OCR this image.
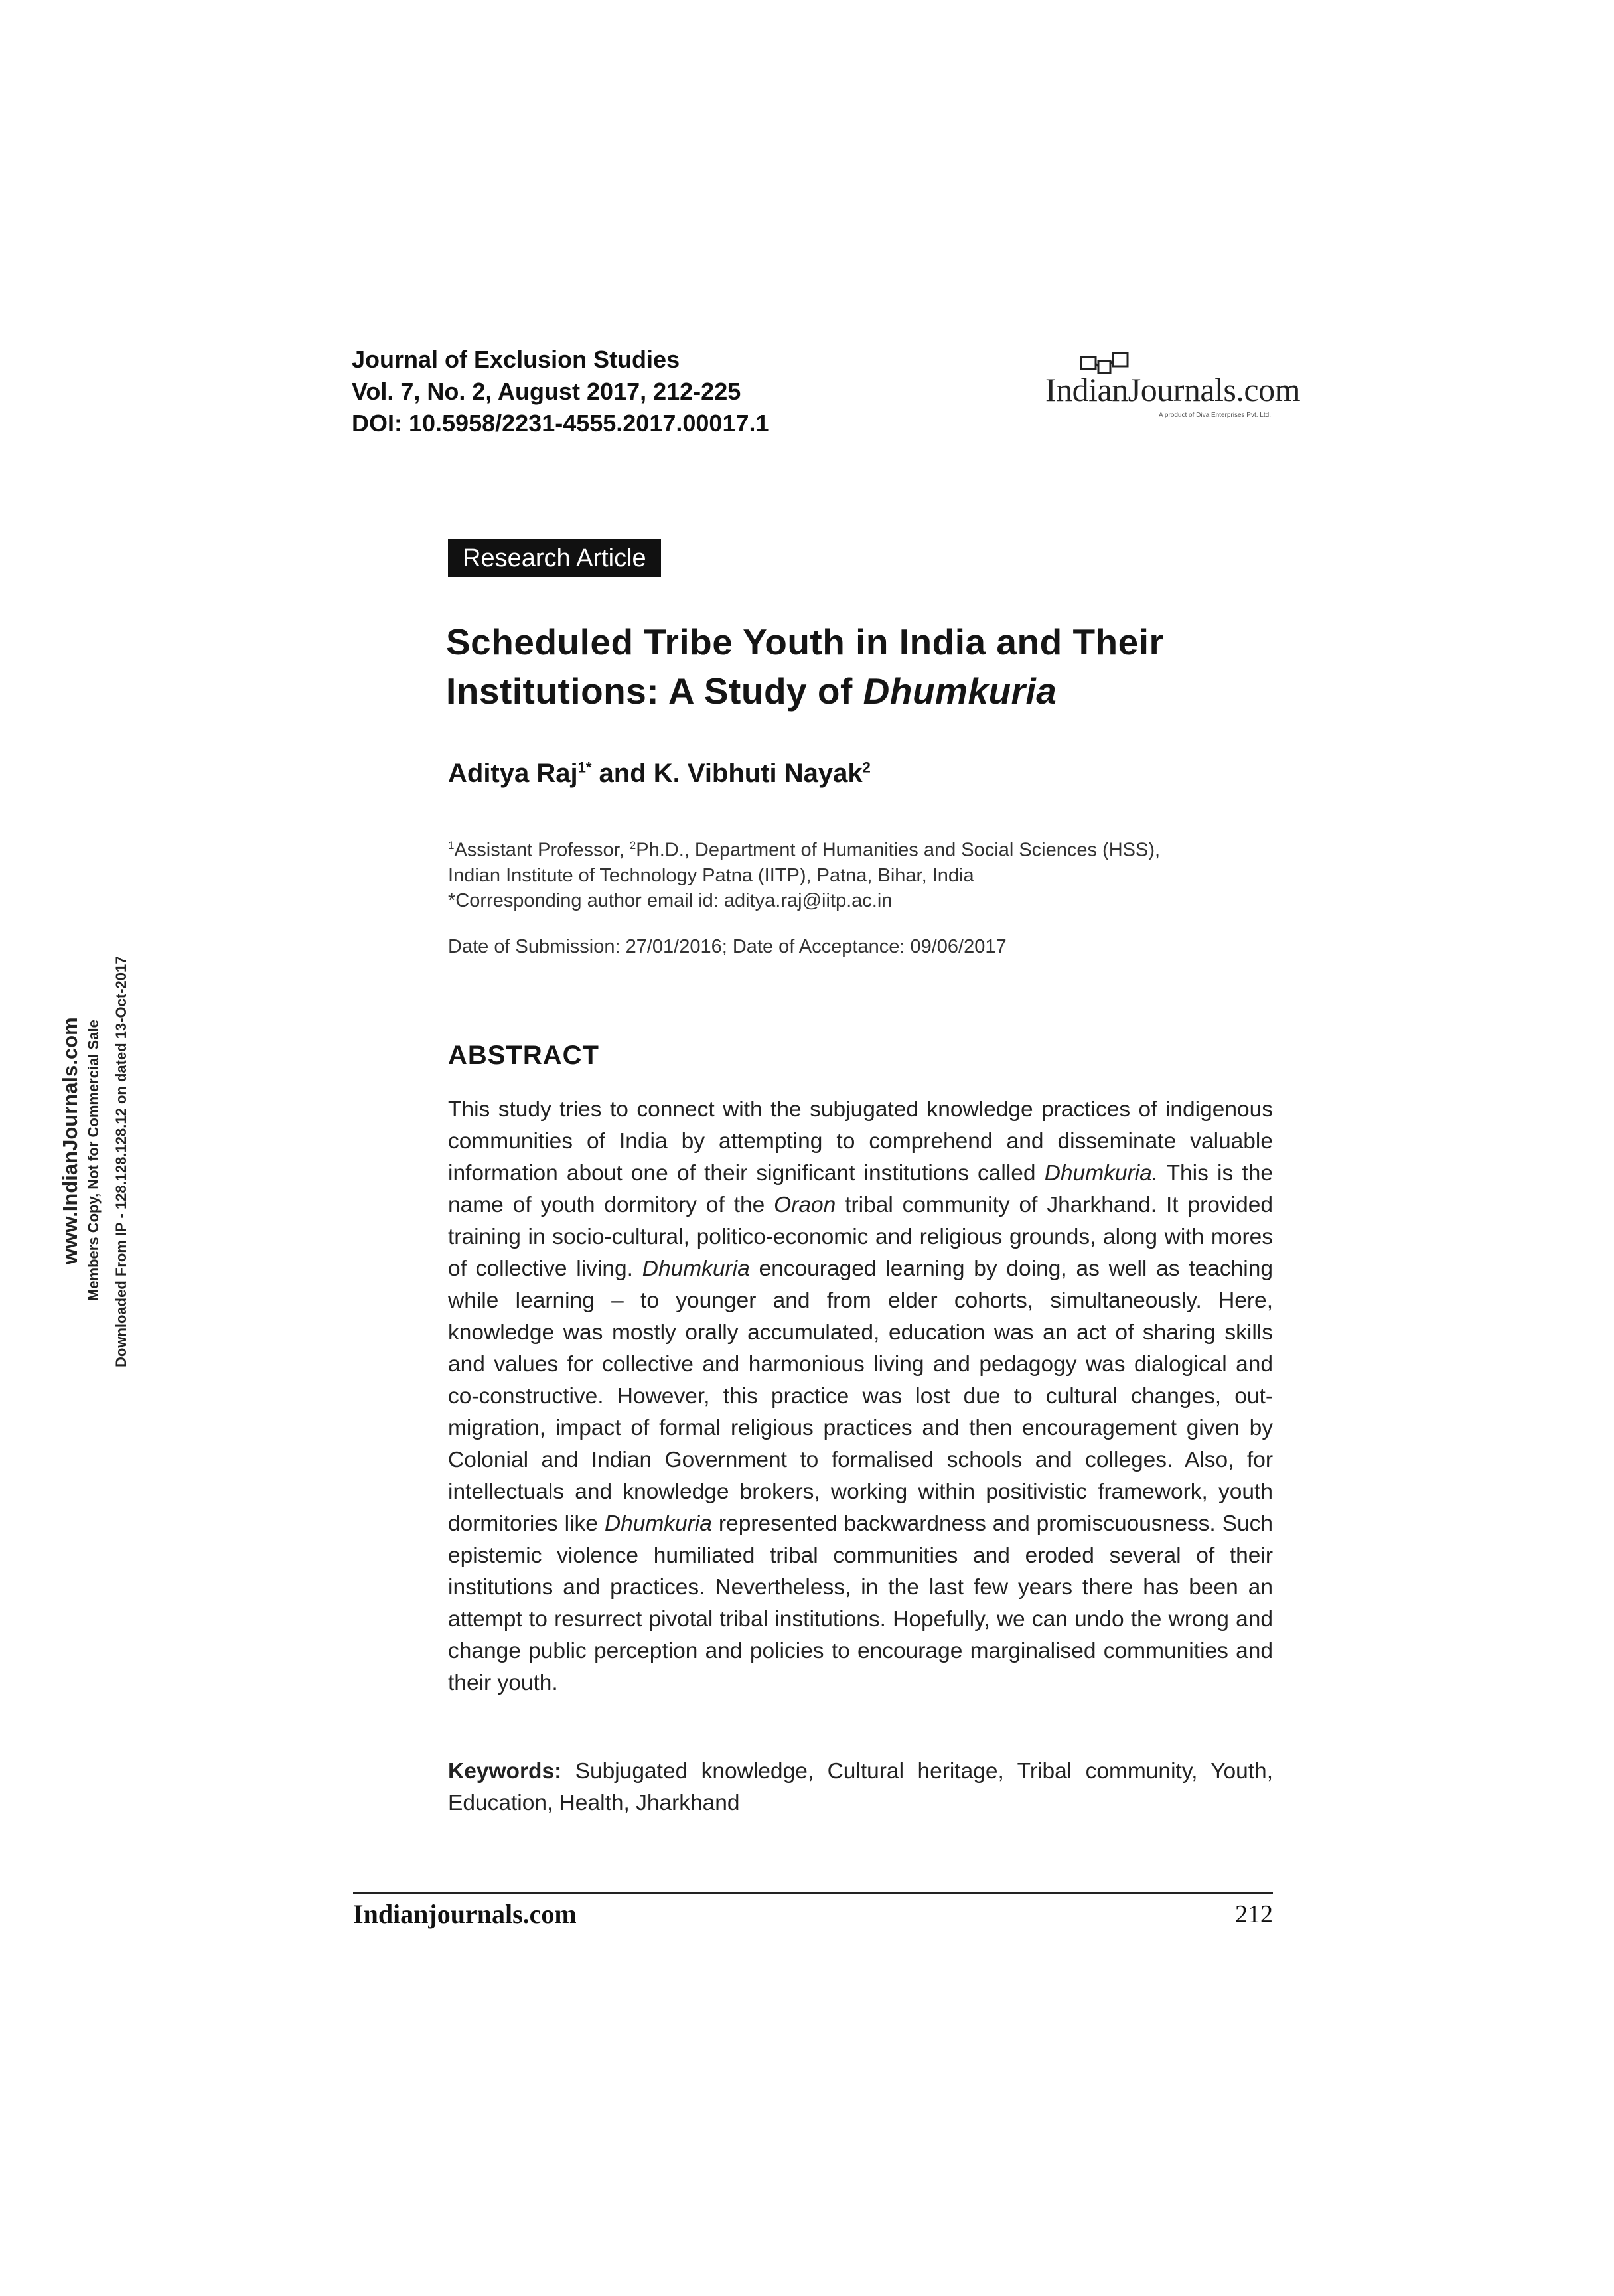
Journal of Exclusion Studies
Vol. 7, No. 2, August 2017, 212-225
DOI: 10.5958/2231-4555.2017.00017.1
IndianJournals.com
A product of Diva Enterprises Pvt. Ltd.
Research Article
Scheduled Tribe Youth in India and Their
Institutions: A Study of Dhumkuria
Aditya Raj$^{1*}$ and K. Vibhuti Nayak$^2$
$^1$Assistant Professor, $^2$Ph.D., Department of Humanities and Social Sciences (HSS),
Indian Institute of Technology Patna (IITP), Patna, Bihar, India
*Corresponding author email id: aditya.raj@iitp.ac.in
Date of Submission: 27/01/2016; Date of Acceptance: 09/06/2017
ABSTRACT
This study tries to connect with the subjugated knowledge practices of indigenous communities of India by attempting to comprehend and disseminate valuable information about one of their significant institutions called Dhumkuria. This is the name of youth dormitory of the Oraon tribal community of Jharkhand. It provided training in socio-cultural, politico-economic and religious grounds, along with mores of collective living. Dhumkuria encouraged learning by doing, as well as teaching while learning – to younger and from elder cohorts, simultaneously. Here, knowledge was mostly orally accumulated, education was an act of sharing skills and values for collective and harmonious living and pedagogy was dialogical and co-constructive. However, this practice was lost due to cultural changes, out-migration, impact of formal religious practices and then encouragement given by Colonial and Indian Government to formalised schools and colleges. Also, for intellectuals and knowledge brokers, working within positivistic framework, youth dormitories like Dhumkuria represented backwardness and promiscuousness. Such epistemic violence humiliated tribal communities and eroded several of their institutions and practices. Nevertheless, in the last few years there has been an attempt to resurrect pivotal tribal institutions. Hopefully, we can undo the wrong and change public perception and policies to encourage marginalised communities and their youth.
Keywords: Subjugated knowledge, Cultural heritage, Tribal community, Youth, Education, Health, Jharkhand
Indianjournals.com	212
www.IndianJournals.com Members Copy, Not for Commercial Sale Downloaded From IP - 128.128.128.12 on dated 13-Oct-2017
